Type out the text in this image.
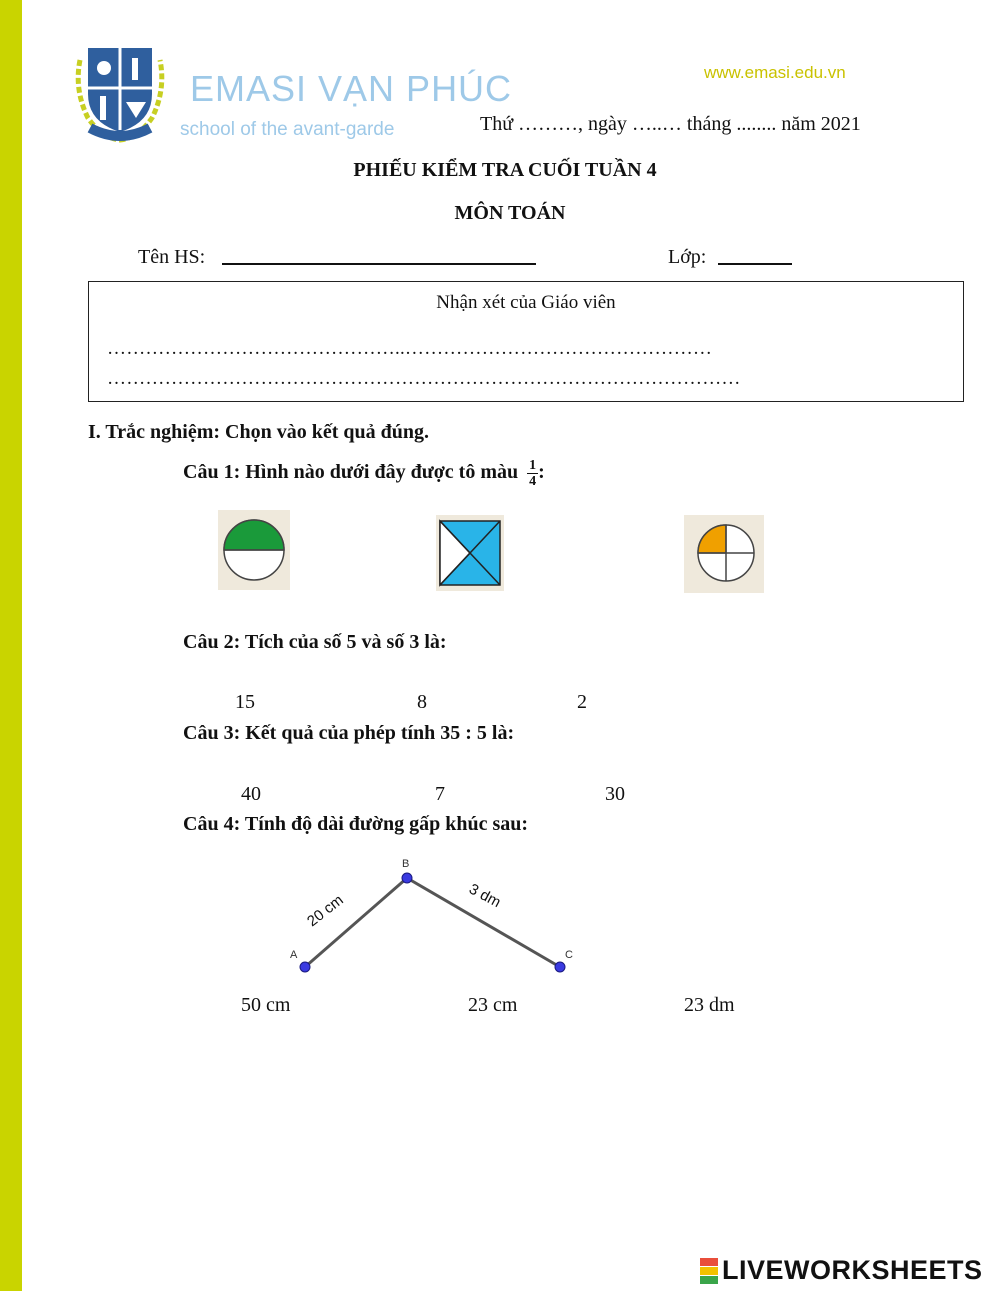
EMASI VẠN PHÚC
school of the avant-garde
www.emasi.edu.vn
Thứ ………, ngày …..… tháng ........ năm 2021
PHIẾU KIỂM TRA CUỐI TUẦN 4
MÔN TOÁN
Tên HS:	Lớp:
Nhận xét của Giáo viên
………………………………………..…………………………………………
………………………………………………………………………………………
I. Trắc nghiệm: Chọn vào kết quả đúng.
Câu 1: Hình nào dưới đây được tô màu $\frac{1}{4}$ :
Câu 2: Tích của số 5 và số 3 là:
15	8	2
Câu 3: Kết quả của phép tính 35 : 5 là:
40	7	30
Câu 4: Tính độ dài đường gấp khúc sau:
A
B
C
20 cm	3 dm
50 cm	23 cm	23 dm
LIVEWORKSHEETS
